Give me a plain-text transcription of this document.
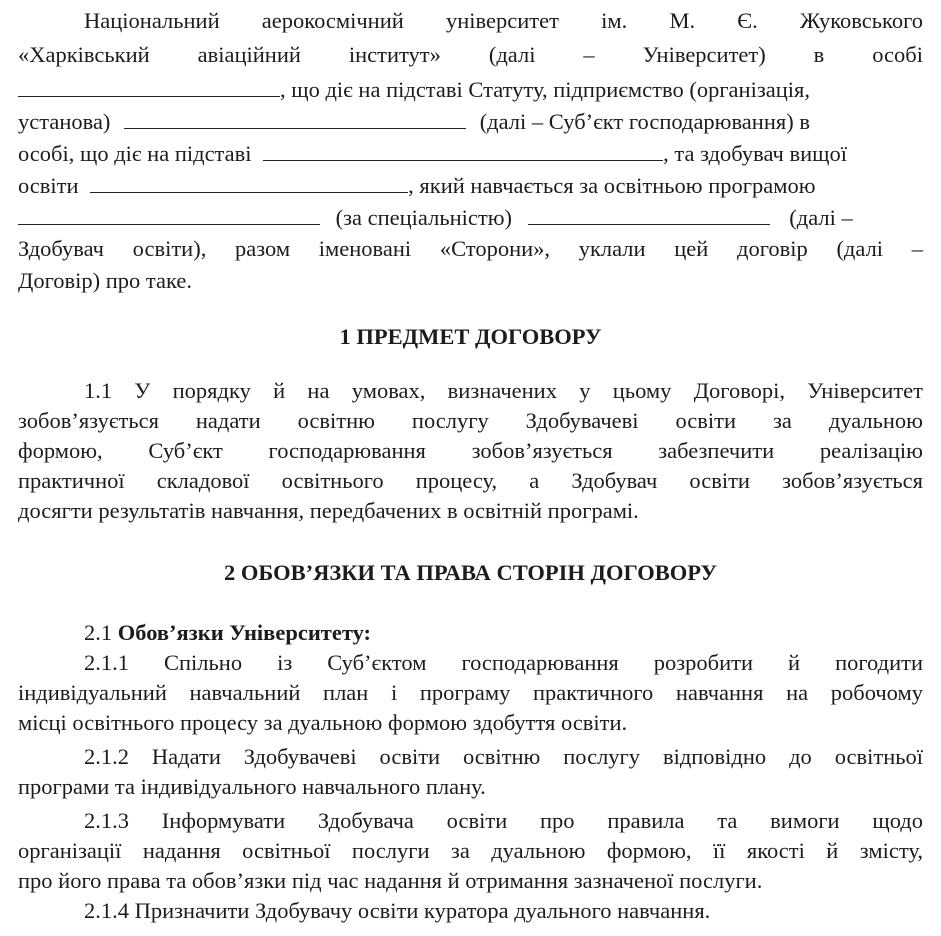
Національний аерокосмічний університет ім. М. Є. Жуковського
«Харківський авіаційний інститут» (далі – Університет) в особі
, що діє на підставі Статуту, підприємство (організація,
установа)	(далі – Суб’єкт господарювання) в
особі, що діє на підставі	, та здобувач вищої
освіти	, який навчається за освітньою програмою
(за спеціальністю)	(далі –
Здобувач освіти), разом іменовані «Сторони», уклали цей договір (далі –
Договір) про таке.
1 ПРЕДМЕТ ДОГОВОРУ
1.1 У порядку й на умовах, визначених у цьому Договорі, Університет
зобов’язується надати освітню послугу Здобувачеві освіти за дуальною
формою, Суб’єкт господарювання зобов’язується забезпечити реалізацію
практичної складової освітнього процесу, а Здобувач освіти зобов’язується
досягти результатів навчання, передбачених в освітній програмі.
2 ОБОВ’ЯЗКИ ТА ПРАВА СТОРІН ДОГОВОРУ
2.1 Обов’язки Університету:
2.1.1 Спільно із Суб’єктом господарювання розробити й погодити
індивідуальний навчальний план і програму практичного навчання на робочому
місці освітнього процесу за дуальною формою здобуття освіти.
2.1.2 Надати Здобувачеві освіти освітню послугу відповідно до освітньої
програми та індивідуального навчального плану.
2.1.3 Інформувати Здобувача освіти про правила та вимоги щодо
організації надання освітньої послуги за дуальною формою, її якості й змісту,
про його права та обов’язки під час надання й отримання зазначеної послуги.
2.1.4 Призначити Здобувачу освіти куратора дуального навчання.
